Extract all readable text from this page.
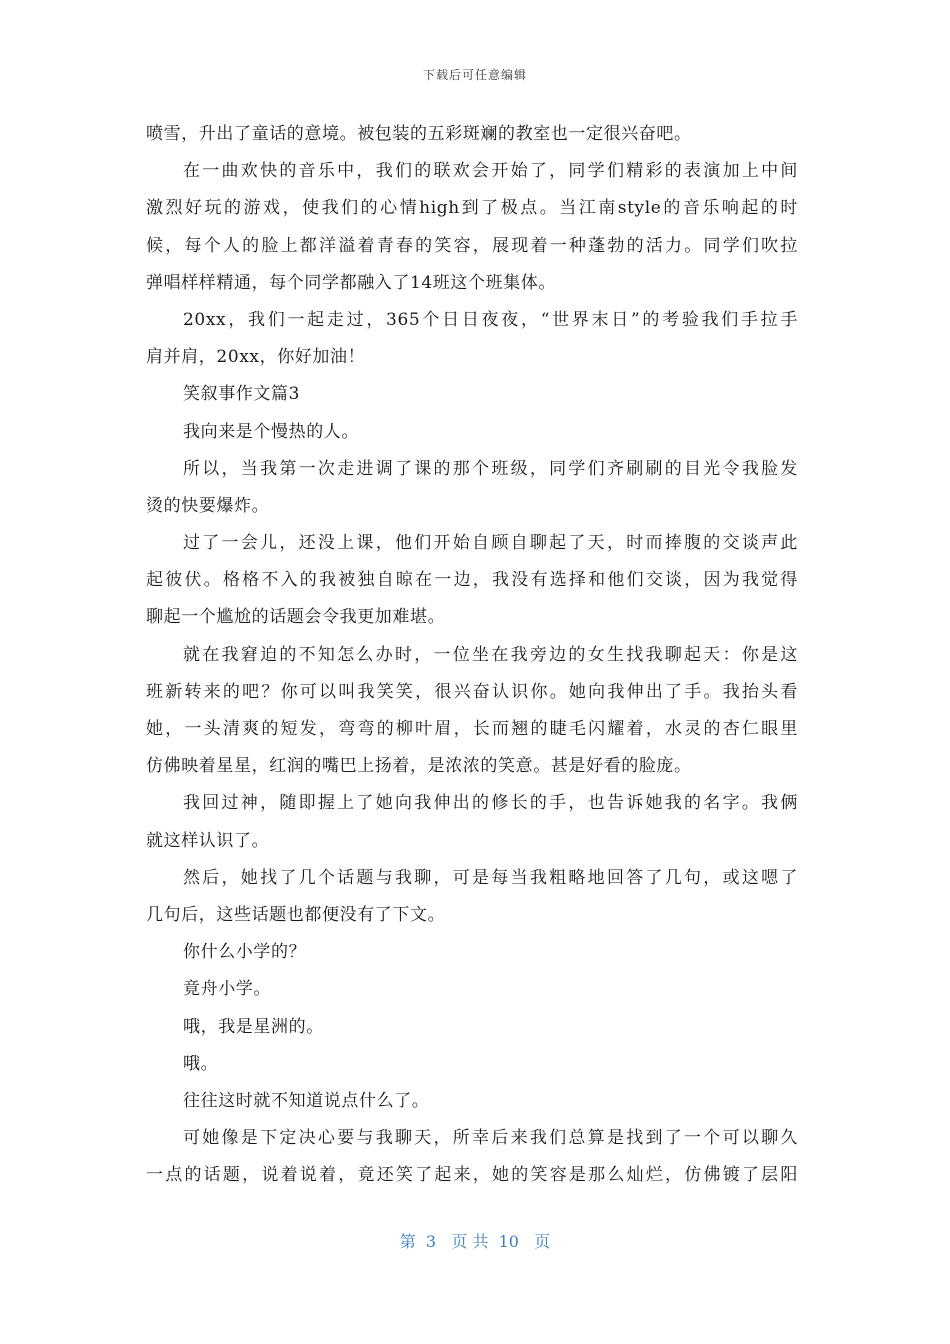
下载后可任意编辑
喷雪，升出了童话的意境。被包装的五彩斑斓的教室也一定很兴奋吧。
在一曲欢快的音乐中，我们的联欢会开始了，同学们精彩的表演加上中间
激烈好玩的游戏，使我们的心情high到了极点。当江南style的音乐响起的时
候，每个人的脸上都洋溢着青春的笑容，展现着一种蓬勃的活力。同学们吹拉
弹唱样样精通，每个同学都融入了14班这个班集体。
20xx，我们一起走过，365个日日夜夜，“世界末日”的考验我们手拉手
肩并肩，20xx，你好加油！
笑叙事作文篇3
我向来是个慢热的人。
所以，当我第一次走进调了课的那个班级，同学们齐刷刷的目光令我脸发
烫的快要爆炸。
过了一会儿，还没上课，他们开始自顾自聊起了天，时而捧腹的交谈声此
起彼伏。格格不入的我被独自晾在一边，我没有选择和他们交谈，因为我觉得
聊起一个尴尬的话题会令我更加难堪。
就在我窘迫的不知怎么办时，一位坐在我旁边的女生找我聊起天：你是这
班新转来的吧？你可以叫我笑笑，很兴奋认识你。她向我伸出了手。我抬头看
她，一头清爽的短发，弯弯的柳叶眉，长而翘的睫毛闪耀着，水灵的杏仁眼里
仿佛映着星星，红润的嘴巴上扬着，是浓浓的笑意。甚是好看的脸庞。
我回过神，随即握上了她向我伸出的修长的手，也告诉她我的名字。我俩
就这样认识了。
然后，她找了几个话题与我聊，可是每当我粗略地回答了几句，或这嗯了
几句后，这些话题也都便没有了下文。
你什么小学的？
竟舟小学。
哦，我是星洲的。
哦。
往往这时就不知道说点什么了。
可她像是下定决心要与我聊天，所幸后来我们总算是找到了一个可以聊久
一点的话题，说着说着，竟还笑了起来，她的笑容是那么灿烂，仿佛镀了层阳
第  3   页 共  10   页
